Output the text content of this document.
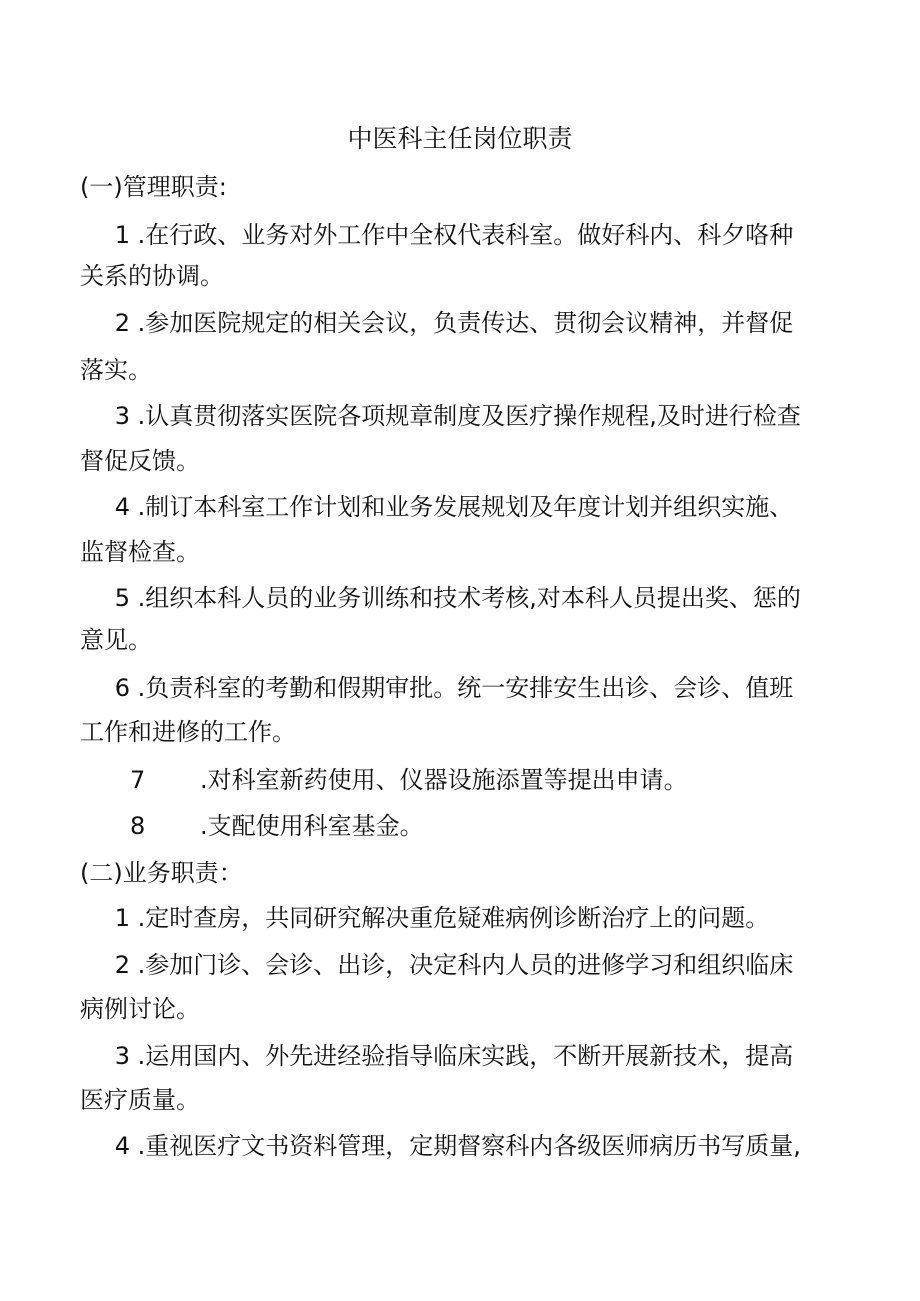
中医科主任岗位职责
(一)管理职责:
1 .在行政、业务对外工作中全权代表科室。做好科内、科夕咯种
关系的协调。
2 .参加医院规定的相关会议，负责传达、贯彻会议精神，并督促
落实。
3 .认真贯彻落实医院各项规章制度及医疗操作规程,及时进行检查
督促反馈。
4 .制订本科室工作计划和业务发展规划及年度计划并组织实施、
监督检查。
5 .组织本科人员的业务训练和技术考核,对本科人员提出奖、惩的
意见。
6 .负责科室的考勤和假期审批。统一安排安生出诊、会诊、值班
工作和进修的工作。
7 .对科室新药使用、仪器设施添置等提出申请。
8 .支配使用科室基金。
(二)业务职责：
1 .定时查房，共同研究解决重危疑难病例诊断治疗上的问题。
2 .参加门诊、会诊、出诊，决定科内人员的进修学习和组织临床
病例讨论。
3 .运用国内、外先进经验指导临床实践，不断开展新技术，提高
医疗质量。
4 .重视医疗文书资料管理，定期督察科内各级医师病历书写质量,
